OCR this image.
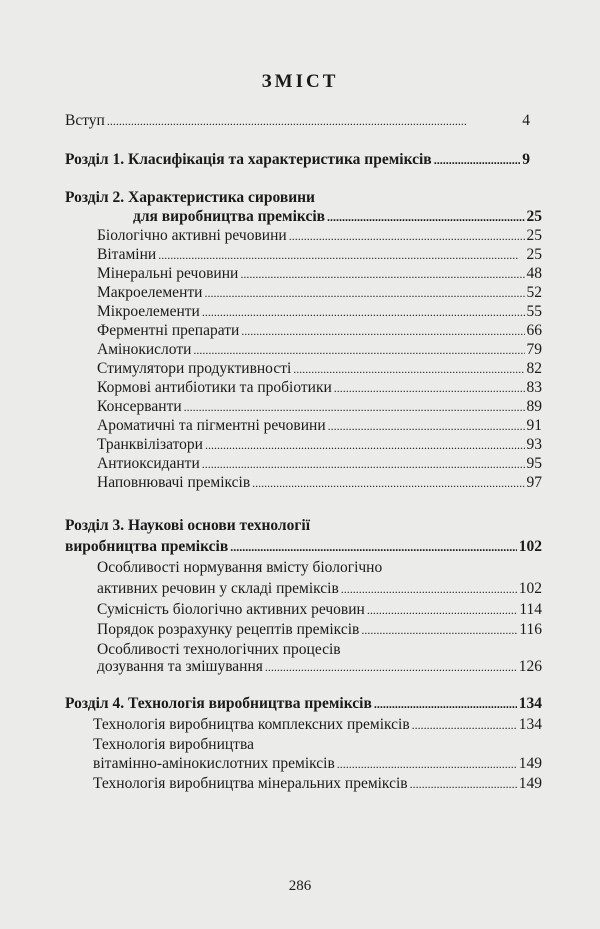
ЗМІСТ
Вступ . . .	4
Розділ 1. Класифікація та характеристика преміксів . . .	9
Розділ 2. Характеристика сировини
для виробництва преміксів . . .	25
Біологічно активні речовини . . .	25
Вітаміни . . .	25
Мінеральні речовини . . .	48
Макроелементи . . .	52
Мікроелементи . . .	55
Ферментні препарати . . .	66
Амінокислоти . . .	79
Стимулятори продуктивності . . .	82
Кормові антибіотики та пробіотики . . .	83
Консерванти . . .	89
Ароматичні та пігментні речовини . . .	91
Транквілізатори . . .	93
Антиоксиданти . . .	95
Наповнювачі преміксів . . .	97
Розділ 3. Наукові основи технології
виробництва преміксів . . .	102
Особливості нормування вмісту біологічно
активних речовин у складі преміксів . . .	102
Сумісність біологічно активних речовин . . .	114
Порядок розрахунку рецептів преміксів . . .	116
Особливості технологічних процесів
дозування та змішування . . .	126
Розділ 4. Технологія виробництва преміксів . . .	134
Технологія виробництва комплексних преміксів . . .	134
Технологія виробництва
вітамінно-амінокислотних преміксів . . .	149
Технологія виробництва мінеральних преміксів . . .	149
286
